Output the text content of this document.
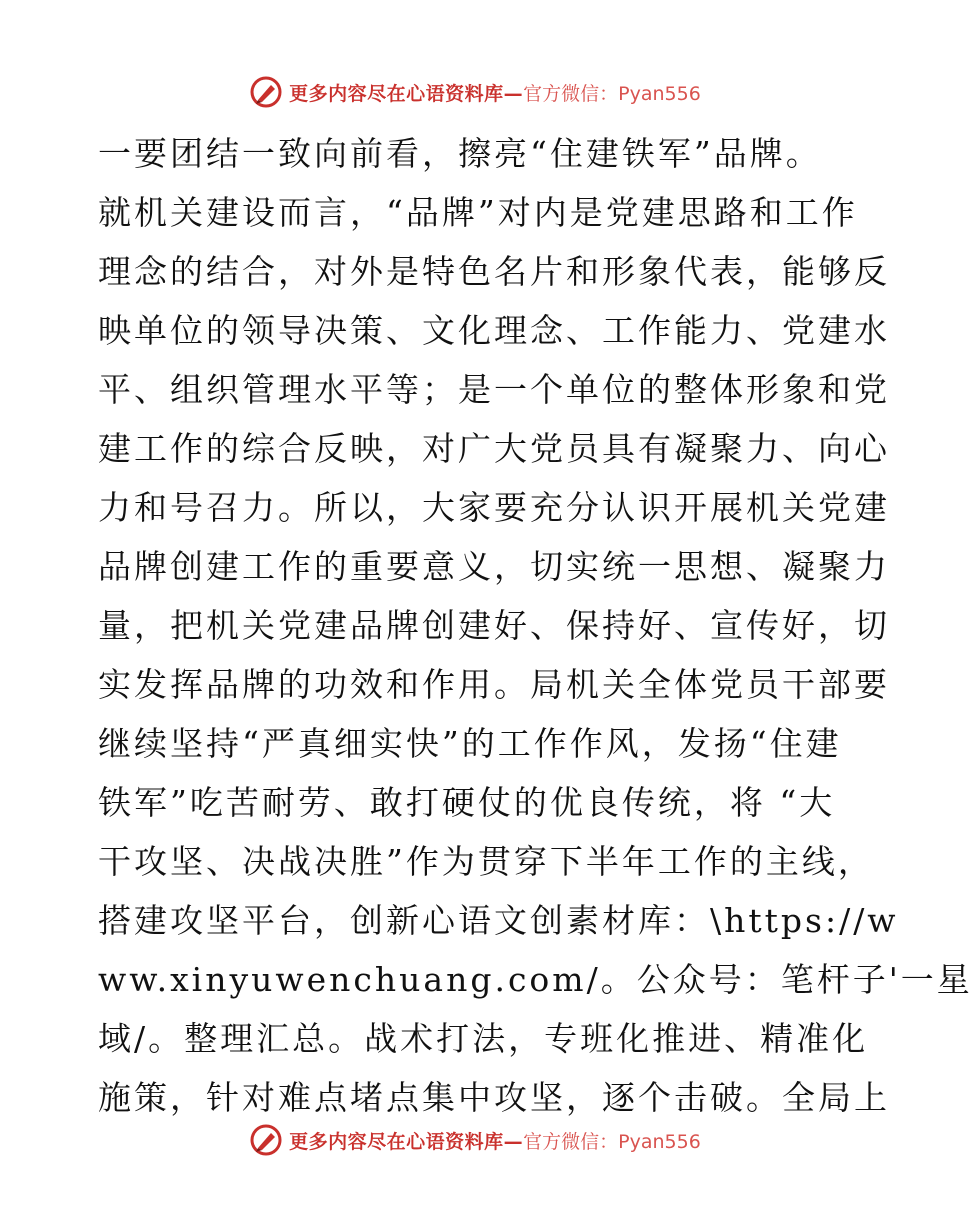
更多内容尽在心语资料库— 官方微信：Pyan556
一要团结一致向前看，擦亮“住建铁军”品牌。
就机关建设而言，“品牌”对内是党建思路和工作
理念的结合，对外是特色名片和形象代表，能够反
映单位的领导决策、文化理念、工作能力、党建水
平、组织管理水平等；是一个单位的整体形象和党
建工作的综合反映，对广大党员具有凝聚力、向心
力和号召力。所以，大家要充分认识开展机关党建
品牌创建工作的重要意义，切实统一思想、凝聚力
量，把机关党建品牌创建好、保持好、宣传好，切
实发挥品牌的功效和作用。局机关全体党员干部要
继续坚持“严真细实快”的工作作风，发扬“住建
铁军”吃苦耐劳、敢打硬仗的优良传统，将 “大
干攻坚、决战决胜”作为贯穿下半年工作的主线，
搭建攻坚平台，创新心语文创素材库：\https://w
ww.xinyuwenchuang.com/。公众号：笔杆子'一星
域/。整理汇总。战术打法，专班化推进、精准化
施策，针对难点堵点集中攻坚，逐个击破。全局上
更多内容尽在心语资料库— 官方微信：Pyan556
